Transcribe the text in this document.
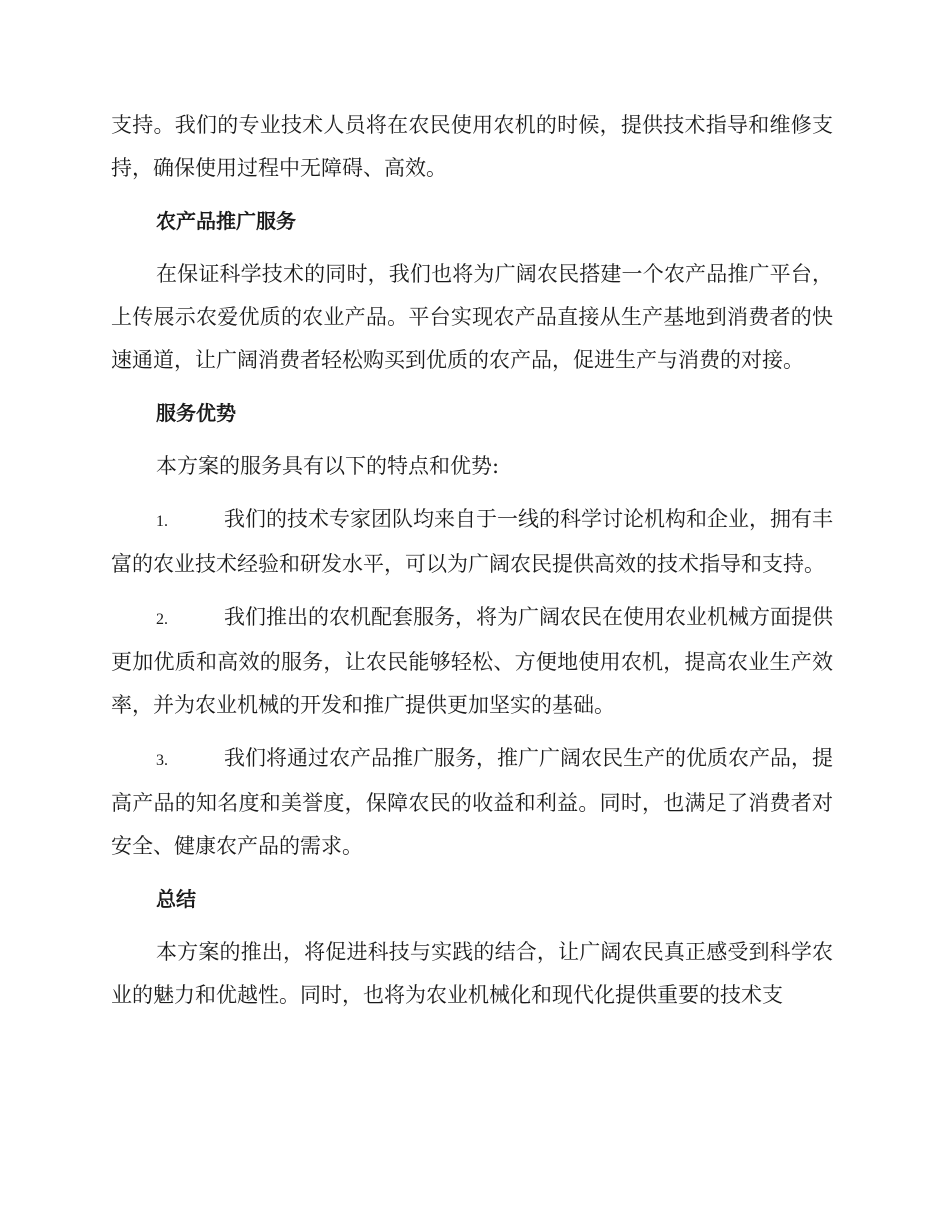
支持。我们的专业技术人员将在农民使用农机的时候，提供技术指导和维修支持，确保使用过程中无障碍、高效。

农产品推广服务

在保证科学技术的同时，我们也将为广阔农民搭建一个农产品推广平台，上传展示农爱优质的农业产品。平台实现农产品直接从生产基地到消费者的快速通道，让广阔消费者轻松购买到优质的农产品，促进生产与消费的对接。

服务优势

本方案的服务具有以下的特点和优势:

1.	我们的技术专家团队均来自于一线的科学讨论机构和企业，拥有丰富的农业技术经验和研发水平，可以为广阔农民提供高效的技术指导和支持。
2.	我们推出的农机配套服务，将为广阔农民在使用农业机械方面提供更加优质和高效的服务，让农民能够轻松、方便地使用农机，提高农业生产效率，并为农业机械的开发和推广提供更加坚实的基础。
3.	我们将通过农产品推广服务，推广广阔农民生产的优质农产品，提高产品的知名度和美誉度，保障农民的收益和利益。同时，也满足了消费者对安全、健康农产品的需求。
总结

本方案的推出，将促进科技与实践的结合，让广阔农民真正感受到科学农业的魅力和优越性。同时，也将为农业机械化和现代化提供重要的技术支
